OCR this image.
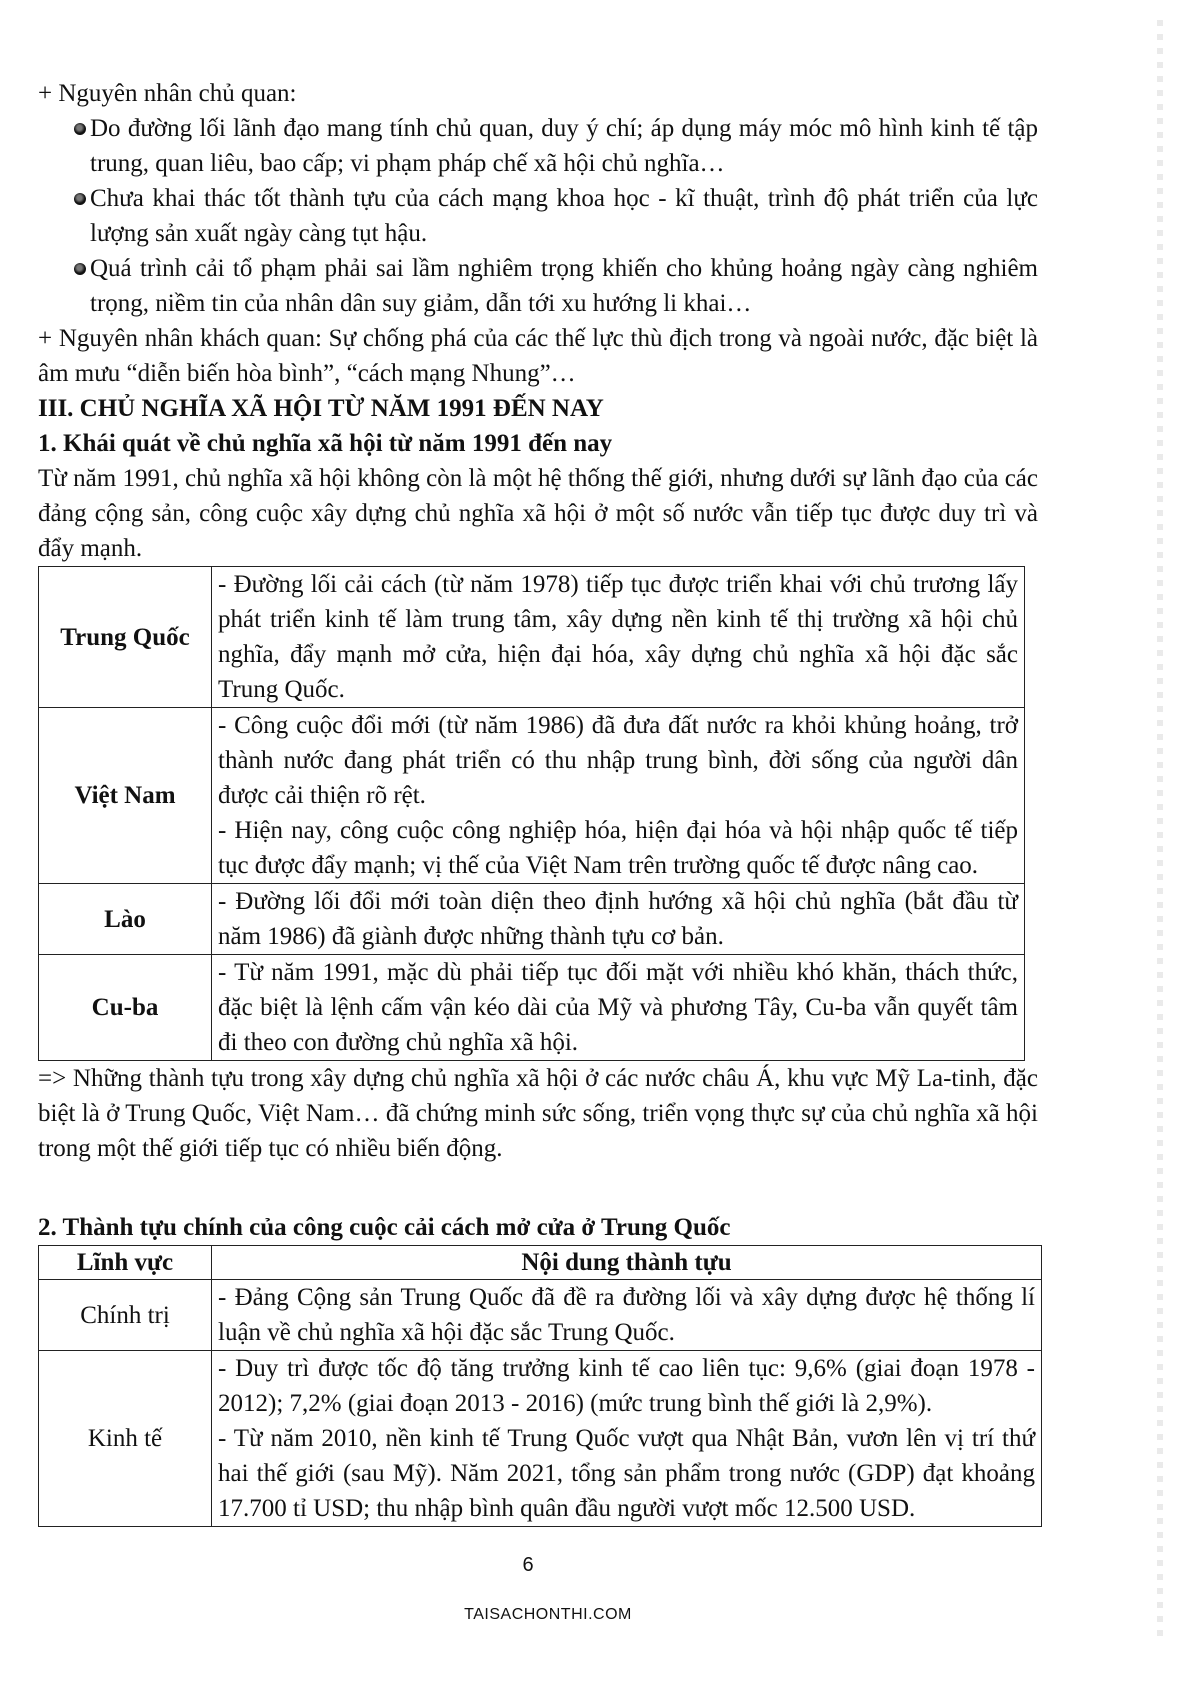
+ Nguyên nhân chủ quan:

Do đường lối lãnh đạo mang tính chủ quan, duy ý chí; áp dụng máy móc mô hình kinh tế tập trung, quan liêu, bao cấp; vi phạm pháp chế xã hội chủ nghĩa…
Chưa khai thác tốt thành tựu của cách mạng khoa học - kĩ thuật, trình độ phát triển của lực lượng sản xuất ngày càng tụt hậu.
Quá trình cải tổ phạm phải sai lầm nghiêm trọng khiến cho khủng hoảng ngày càng nghiêm trọng, niềm tin của nhân dân suy giảm, dẫn tới xu hướng li khai…

+ Nguyên nhân khách quan: Sự chống phá của các thế lực thù địch trong và ngoài nước, đặc biệt là âm mưu “diễn biến hòa bình”, “cách mạng Nhung”…

III. CHỦ NGHĨA XÃ HỘI TỪ NĂM 1991 ĐẾN NAY

1. Khái quát về chủ nghĩa xã hội từ năm 1991 đến nay

Từ năm 1991, chủ nghĩa xã hội không còn là một hệ thống thế giới, nhưng dưới sự lãnh đạo của các đảng cộng sản, công cuộc xây dựng chủ nghĩa xã hội ở một số nước vẫn tiếp tục được duy trì và đẩy mạnh.

Trung Quốc	- Đường lối cải cách (từ năm 1978) tiếp tục được triển khai với chủ trương lấy phát triển kinh tế làm trung tâm, xây dựng nền kinh tế thị trường xã hội chủ nghĩa, đẩy mạnh mở cửa, hiện đại hóa, xây dựng chủ nghĩa xã hội đặc sắc Trung Quốc.

Việt Nam	- Công cuộc đổi mới (từ năm 1986) đã đưa đất nước ra khỏi khủng hoảng, trở thành nước đang phát triển có thu nhập trung bình, đời sống của người dân được cải thiện rõ rệt.
- Hiện nay, công cuộc công nghiệp hóa, hiện đại hóa và hội nhập quốc tế tiếp tục được đẩy mạnh; vị thế của Việt Nam trên trường quốc tế được nâng cao.

Lào	- Đường lối đổi mới toàn diện theo định hướng xã hội chủ nghĩa (bắt đầu từ năm 1986) đã giành được những thành tựu cơ bản.

Cu-ba	- Từ năm 1991, mặc dù phải tiếp tục đối mặt với nhiều khó khăn, thách thức, đặc biệt là lệnh cấm vận kéo dài của Mỹ và phương Tây, Cu-ba vẫn quyết tâm đi theo con đường chủ nghĩa xã hội.

=> Những thành tựu trong xây dựng chủ nghĩa xã hội ở các nước châu Á, khu vực Mỹ La-tinh, đặc biệt là ở Trung Quốc, Việt Nam… đã chứng minh sức sống, triển vọng thực sự của chủ nghĩa xã hội trong một thế giới tiếp tục có nhiều biến động.

2. Thành tựu chính của công cuộc cải cách mở cửa ở Trung Quốc

Lĩnh vực	Nội dung thành tựu
Chính trị	- Đảng Cộng sản Trung Quốc đã đề ra đường lối và xây dựng được hệ thống lí luận về chủ nghĩa xã hội đặc sắc Trung Quốc.

Kinh tế	- Duy trì được tốc độ tăng trưởng kinh tế cao liên tục: 9,6% (giai đoạn 1978 - 2012); 7,2% (giai đoạn 2013 - 2016) (mức trung bình thế giới là 2,9%).
- Từ năm 2010, nền kinh tế Trung Quốc vượt qua Nhật Bản, vươn lên vị trí thứ hai thế giới (sau Mỹ). Năm 2021, tổng sản phẩm trong nước (GDP) đạt khoảng 17.700 tỉ USD; thu nhập bình quân đầu người vượt mốc 12.500 USD.
6
TAISACHONTHI.COM
